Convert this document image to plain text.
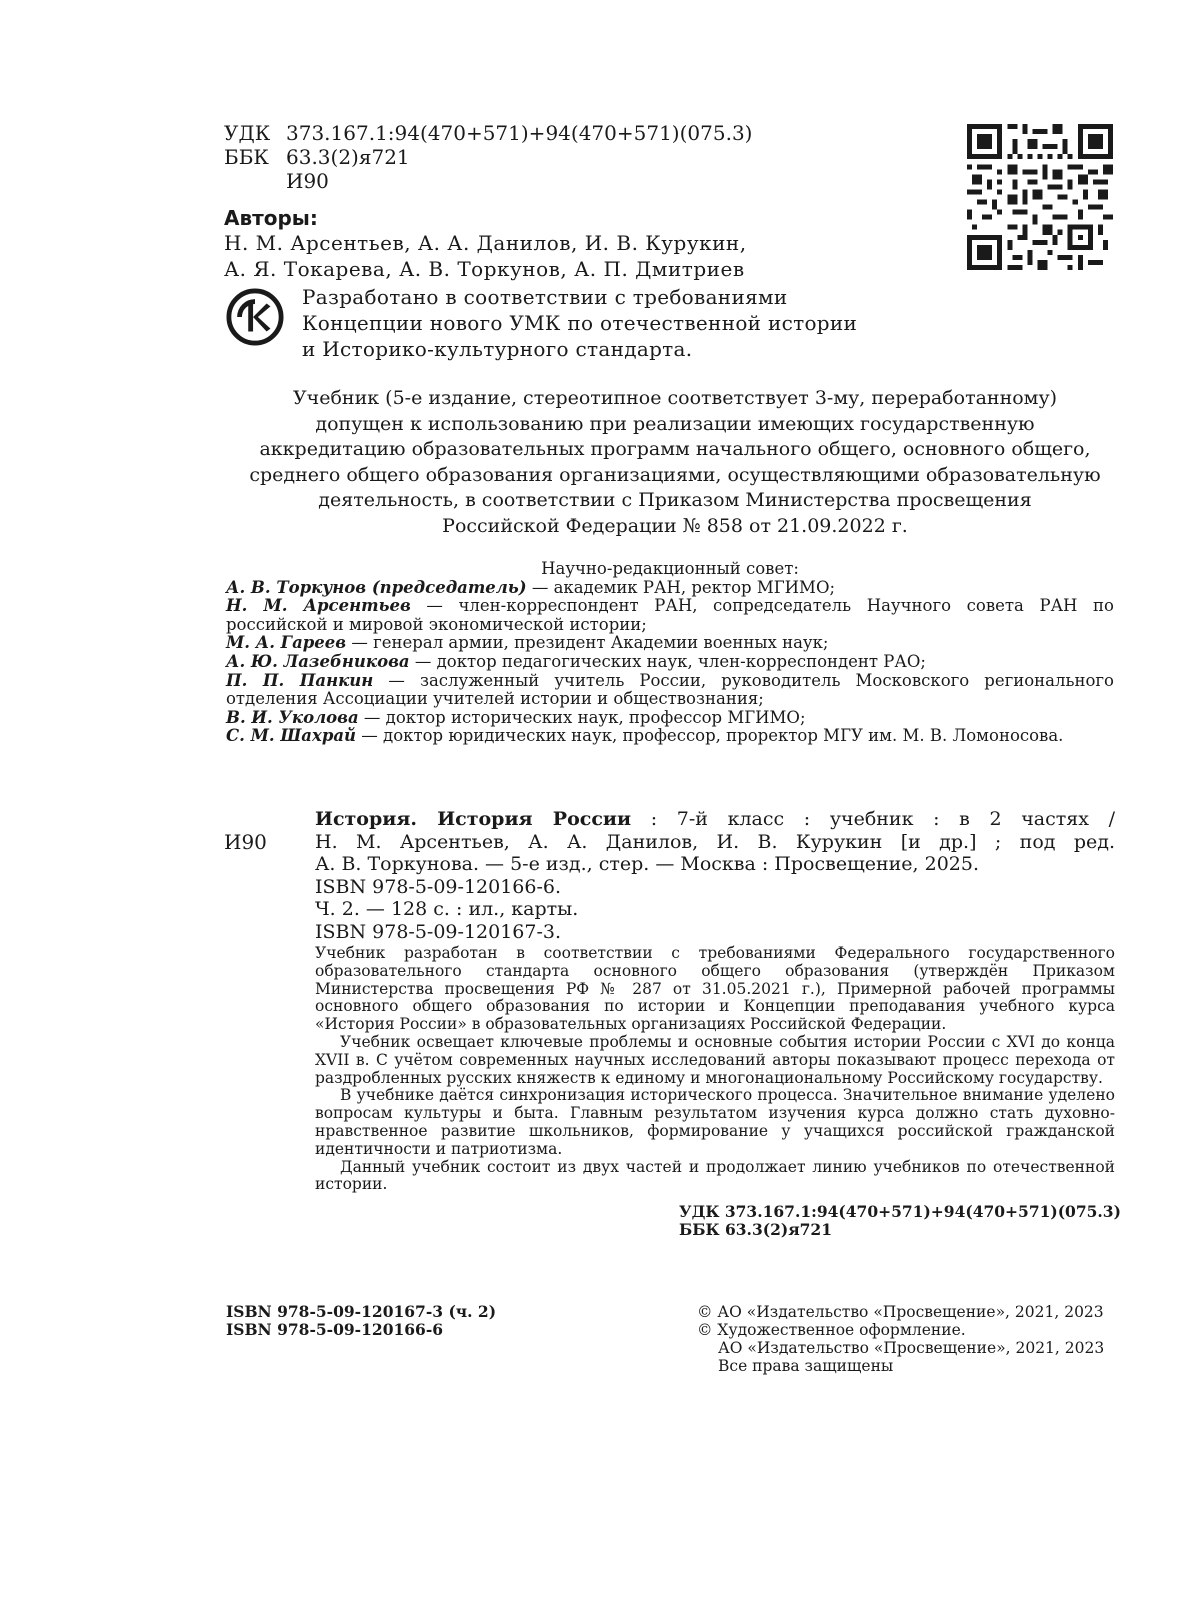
УДК 373.167.1:94(470+571)+94(470+571)(075.3)
ББК 63.3(2)я721
И90
Авторы:
Н. М. Арсентьев, А. А. Данилов, И. В. Курукин,
А. Я. Токарева, А. В. Торкунов, А. П. Дмитриев
Разработано в соответствии с требованиями
Концепции нового УМК по отечественной истории
и Историко-культурного стандарта.
Учебник (5-е издание, стереотипное соответствует 3-му, переработанному)
допущен к использованию при реализации имеющих государственную
аккредитацию образовательных программ начального общего, основного общего,
среднего общего образования организациями, осуществляющими образовательную
деятельность, в соответствии с Приказом Министерства просвещения
Российской Федерации № 858 от 21.09.2022 г.
Научно-редакционный совет:
А. В. Торкунов (председатель) — академик РАН, ректор МГИМО;
Н. М. Арсентьев — член-корреспондент РАН, сопредседатель Научного совета РАН по российской и мировой экономической истории;
М. А. Гареев — генерал армии, президент Академии военных наук;
А. Ю. Лазебникова — доктор педагогических наук, член-корреспондент РАО;
П. П. Панкин — заслуженный учитель России, руководитель Московского регионального отделения Ассоциации учителей истории и обществознания;
В. И. Уколова — доктор исторических наук, профессор МГИМО;
С. М. Шахрай — доктор юридических наук, профессор, проректор МГУ им. М. В. Ломоносова.
И90
История. История России : 7-й класс : учебник : в 2 частях /
Н. М. Арсентьев, А. А. Данилов, И. В. Курукин [и др.] ; под ред.
А. В. Торкунова. — 5-е изд., стер. — Москва : Просвещение, 2025.
ISBN 978-5-09-120166-6.
Ч. 2. — 128 с. : ил., карты.
ISBN 978-5-09-120167-3.

Учебник разработан в соответствии с требованиями Федерального государственного образовательного стандарта основного общего образования (утверждён Приказом Министерства просвещения РФ № 287 от 31.05.2021 г.), Примерной рабочей программы основного общего образования по истории и Концепции преподавания учебного курса «История России» в образовательных организациях Российской Федерации.

Учебник освещает ключевые проблемы и основные события истории России с XVI до конца XVII в. С учётом современных научных исследований авторы показывают процесс перехода от раздробленных русских княжеств к единому и многонациональному Российскому государству.

В учебнике даётся синхронизация исторического процесса. Значительное внимание уделено вопросам культуры и быта. Главным результатом изучения курса должно стать духовно-нравственное развитие школьников, формирование у учащихся российской гражданской идентичности и патриотизма.

Данный учебник состоит из двух частей и продолжает линию учебников по отечественной истории.

УДК 373.167.1:94(470+571)+94(470+571)(075.3)
ББК 63.3(2)я721
ISBN 978-5-09-120167-3 (ч. 2)
ISBN 978-5-09-120166-6
© АО «Издательство «Просвещение», 2021, 2023
© Художественное оформление.
АО «Издательство «Просвещение», 2021, 2023
Все права защищены
